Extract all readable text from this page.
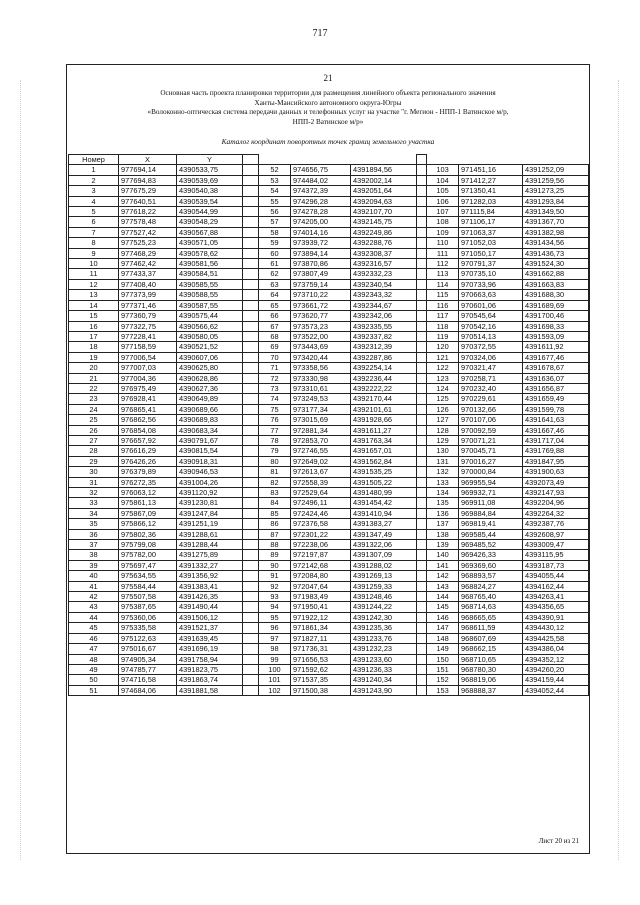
717
21
Основная часть проекта планировки территории для размещения линейного объекта регионального значения
Ханты-Мансийского автономного округа-Югры
«Волоконно-оптическая система передачи данных и телефонных услуг на участке "г. Мегион - НПП-1 Ватинское м/р,
НПП-2 Ватинское м/р»
Каталог координат поворотных точек границ земельного участка
Номер	X	Y								
1	977694,14	4390533,75		52	974656,75	4391894,56		103	971451,16	4391252,09
2	977694,83	4390539,69		53	974484,02	4392002,14		104	971412,27	4391259,56
3	977675,29	4390540,38		54	974372,39	4392051,64		105	971350,41	4391273,25
4	977640,51	4390539,54		55	974296,28	4392094,63		106	971282,03	4391293,84
5	977618,22	4390544,99		56	974278,28	4392107,70		107	971115,84	4391349,50
6	977578,48	4390548,29		57	974205,00	4392145,75		108	971106,17	4391367,70
7	977527,42	4390567,88		58	974014,16	4392249,86		109	971063,37	4391382,98
8	977525,23	4390571,05		59	973939,72	4392288,76		110	971052,03	4391434,56
9	977468,29	4390578,62		60	973894,14	4392308,37		111	971050,17	4391436,73
10	977462,42	4390581,56		61	973870,86	4392316,57		112	970791,37	4391524,30
11	977433,37	4390584,51		62	973807,49	4392332,23		113	970735,10	4391662,88
12	977408,40	4390585,55		63	973759,14	4392340,54		114	970733,96	4391663,83
13	977373,99	4390588,55		64	973710,22	4392343,32		115	970663,63	4391688,30
14	977371,46	4390587,55		65	973661,72	4392344,67		116	970601,06	4391689,69
15	977360,79	4390575,44		66	973620,77	4392342,06		117	970545,64	4391700,46
16	977322,75	4390566,62		67	973573,23	4392335,55		118	970542,16	4391698,33
17	977228,41	4390580,05		68	973522,00	4392337,82		119	970514,13	4391593,09
18	977158,59	4390521,52		69	973443,69	4392312,39		120	970372,55	4391611,92
19	977006,54	4390607,06		70	973420,44	4392287,86		121	970324,06	4391677,46
20	977007,03	4390625,80		71	973358,56	4392254,14		122	970321,47	4391678,67
21	977004,36	4390628,86		72	973330,98	4392236,44		123	970258,71	4391636,07
22	976975,49	4390627,36		73	973310,61	4392222,22		124	970232,40	4391656,87
23	976928,41	4390649,89		74	973249,53	4392170,44		125	970229,61	4391659,49
24	976865,41	4390689,66		75	973177,34	4392101,61		126	970132,66	4391599,78
25	976862,56	4390689,83		76	973015,69	4391928,66		127	970107,06	4391641,63
26	976854,08	4390683,34		77	972881,34	4391611,27		128	970092,59	4391667,46
27	976657,92	4390791,67		78	972853,70	4391763,34		129	970071,21	4391717,04
28	976616,29	4390815,54		79	972746,55	4391657,01		130	970045,71	4391769,88
29	976426,26	4390918,31		80	972649,02	4391562,84		131	970016,27	4391847,95
30	976379,89	4390946,53		81	972613,67	4391535,25		132	970000,84	4391900,63
31	976272,35	4391004,26		82	972558,39	4391505,22		133	969955,94	4392073,49
32	976063,12	4391120,92		83	972529,64	4391480,99		134	969932,71	4392147,93
33	975861,13	4391230,81		84	972496,11	4391454,42		135	969911,08	4392204,96
34	975867,09	4391247,84		85	972424,46	4391410,94		136	969884,84	4392264,32
35	975866,12	4391251,19		86	972376,58	4391383,27		137	969819,41	4392387,76
36	975802,36	4391288,61		87	972301,22	4391347,49		138	969585,44	4392608,97
37	975799,08	4391288,44		88	972238,06	4391322,06		139	969485,52	4393009,47
38	975782,00	4391275,89		89	972197,87	4391307,09		140	969426,33	4393115,95
39	975697,47	4391332,27		90	972142,68	4391288,02		141	969369,60	4393187,73
40	975634,55	4391356,92		91	972084,80	4391269,13		142	968893,57	4394055,44
41	975584,44	4391383,41		92	972047,64	4391259,33		143	968824,27	4394162,44
42	975507,58	4391426,35		93	971983,49	4391248,46		144	968765,40	4394263,41
43	975387,65	4391490,44		94	971950,41	4391244,22		145	968714,63	4394356,65
44	975360,06	4391506,12		95	971922,12	4391242,30		146	968665,65	4394390,91
45	975335,58	4391521,37		96	971861,34	4391235,36		147	968611,59	4394430,12
46	975122,63	4391639,45		97	971827,11	4391233,76		148	968607,69	4394425,58
47	975016,67	4391696,19		98	971736,31	4391232,23		149	968662,15	4394386,04
48	974905,34	4391758,94		99	971656,53	4391233,60		150	968710,65	4394352,12
49	974785,77	4391823,75		100	971592,62	4391236,33		151	968780,30	4394260,20
50	974716,58	4391863,74		101	971537,35	4391240,34		152	968819,06	4394159,44
51	974684,06	4391881,58		102	971500,38	4391243,90		153	968888,37	4394052,44
Лист 20 из 21
